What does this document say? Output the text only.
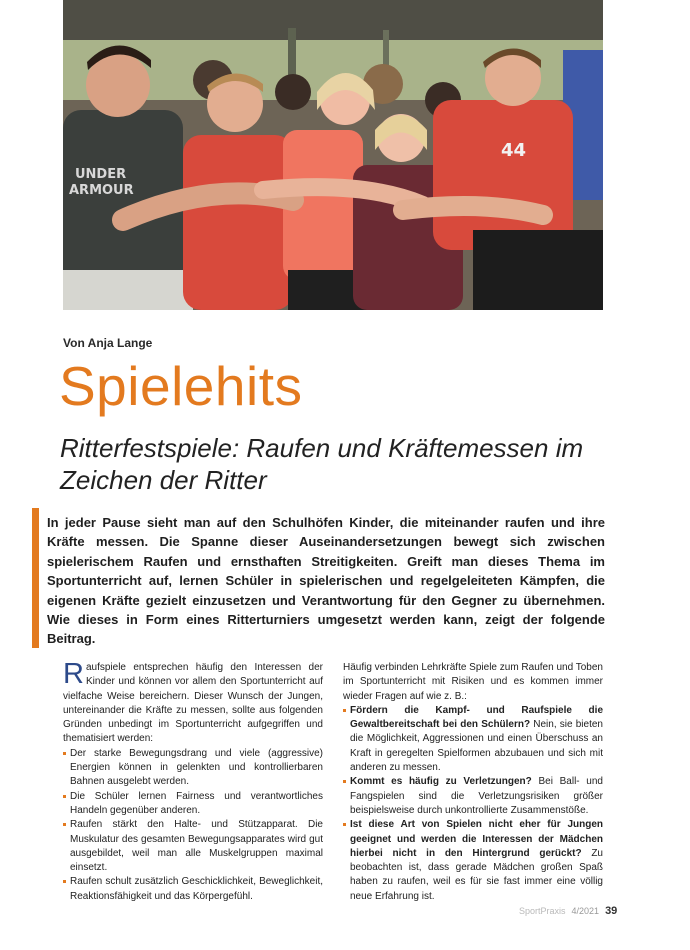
UNDER
ARMOUR
44

Von Anja Lange

Spielehits
Ritterfestspiele: Raufen und Kräftemessen im Zeichen der Ritter

In jeder Pause sieht man auf den Schulhöfen Kinder, die miteinander raufen und ihre Kräfte messen. Die Spanne dieser Auseinandersetzungen bewegt sich zwischen spielerischem Raufen und ernsthaften Streitigkeiten. Greift man dieses Thema im Sportunterricht auf, lernen Schüler in spielerischen und regelgeleiteten Kämpfen, die eigenen Kräfte gezielt einzusetzen und Verantwortung für den Gegner zu übernehmen. Wie dieses in Form eines Ritterturniers umgesetzt werden kann, zeigt der folgende Beitrag.

Raufspiele entsprechen häufig den Interessen der Kinder und können vor allem den Sportunterricht auf vielfache Weise bereichern. Dieser Wunsch der Jungen, untereinander die Kräfte zu messen, sollte aus folgenden Gründen unbedingt im Sportunterricht aufgegriffen und thematisiert werden:

Der starke Bewegungsdrang und viele (aggressive) Energien können in gelenkten und kontrollierbaren Bahnen ausgelebt werden.
Die Schüler lernen Fairness und verantwortliches Handeln gegenüber anderen.
Raufen stärkt den Halte- und Stützapparat. Die Muskulatur des gesamten Bewegungsapparates wird gut ausgebildet, weil man alle Muskelgruppen maximal einsetzt.
Raufen schult zusätzlich Geschicklichkeit, Beweglichkeit, Reaktionsfähigkeit und das Körpergefühl.

Häufig verbinden Lehrkräfte Spiele zum Raufen und Toben im Sportunterricht mit Risiken und es kommen immer wieder Fragen auf wie z. B.:

Fördern die Kampf- und Raufspiele die Gewaltbereitschaft bei den Schülern? Nein, sie bieten die Möglichkeit, Aggressionen und einen Überschuss an Kraft in geregelten Spielformen abzubauen und sich mit anderen zu messen.
Kommt es häufig zu Verletzungen? Bei Ball- und Fangspielen sind die Verletzungsrisiken größer beispielsweise durch unkontrollierte Zusammenstöße.
Ist diese Art von Spielen nicht eher für Jungen geeignet und werden die Interessen der Mädchen hierbei nicht in den Hintergrund gerückt? Zu beobachten ist, dass gerade Mädchen großen Spaß haben zu raufen, weil es für sie fast immer eine völlig neue Erfahrung ist.
SportPraxis 4/2021 39
